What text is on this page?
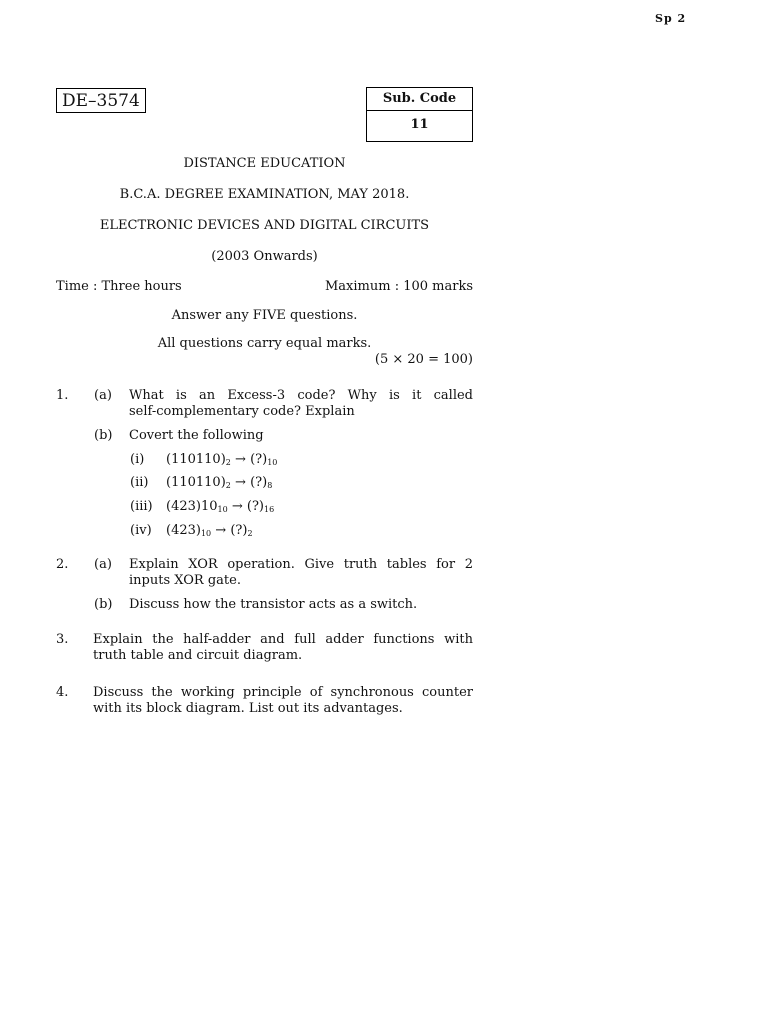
Sp 2
DE–3574	Sub. Code
11
DISTANCE EDUCATION
B.C.A. DEGREE EXAMINATION, MAY 2018.
ELECTRONIC DEVICES AND DIGITAL CIRCUITS
(2003 Onwards)
Time : Three hours	Maximum : 100 marks
Answer any FIVE questions.
All questions carry equal marks.
(5 × 20 = 100)
1. (a) What is an Excess-3 code? Why is it called
self-complementary code? Explain
(b) Covert the following
(i) $(110110)_2$ → $(?)_{10}$
(ii) $(110110)_2$ → $(?)_8$
(iii) $(423)10_{10}$ → $(?)_{16}$
(iv) $(423)_{10}$ → $(?)_2$
2. (a) Explain XOR operation. Give truth tables for 2
inputs XOR gate.
(b) Discuss how the transistor acts as a switch.
3. Explain the half-adder and full adder functions with
truth table and circuit diagram.
4. Discuss the working principle of synchronous counter
with its block diagram. List out its advantages.
